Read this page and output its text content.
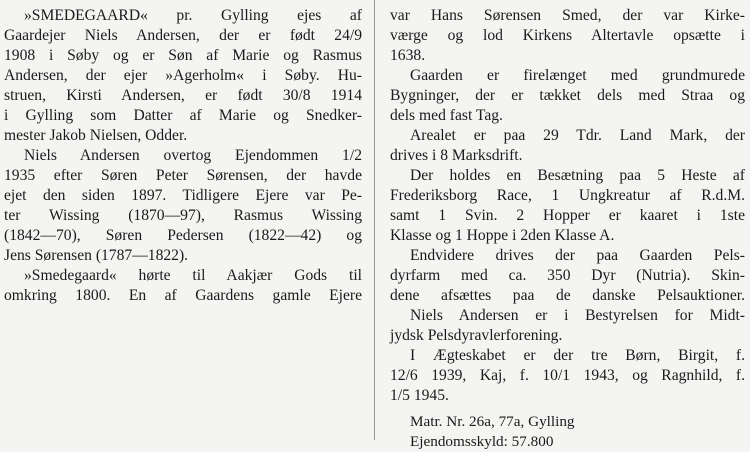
»SMEDEGAARD« pr. Gylling ejes af
Gaardejer Niels Andersen, der er født 24/9
1908 i Søby og er Søn af Marie og Rasmus
Andersen, der ejer »Agerholm« i Søby. Hu-
struen, Kirsti Andersen, er født 30/8 1914
i Gylling som Datter af Marie og Snedker-
mester Jakob Nielsen, Odder.
Niels Andersen overtog Ejendommen 1/2
1935 efter Søren Peter Sørensen, der havde
ejet den siden 1897. Tidligere Ejere var Pe-
ter Wissing (1870—97), Rasmus Wissing
(1842—70), Søren Pedersen (1822—42) og
Jens Sørensen (1787—1822).
»Smedegaard« hørte til Aakjær Gods til
omkring 1800. En af Gaardens gamle Ejere
var Hans Sørensen Smed, der var Kirke-
værge og lod Kirkens Altertavle opsætte i
1638.
Gaarden er firelænget med grundmurede
Bygninger, der er tækket dels med Straa og
dels med fast Tag.
Arealet er paa 29 Tdr. Land Mark, der
drives i 8 Marksdrift.
Der holdes en Besætning paa 5 Heste af
Frederiksborg Race, 1 Ungkreatur af R.d.M.
samt 1 Svin. 2 Hopper er kaaret i 1ste
Klasse og 1 Hoppe i 2den Klasse A.
Endvidere drives der paa Gaarden Pels-
dyrfarm med ca. 350 Dyr (Nutria). Skin-
dene afsættes paa de danske Pelsauktioner.
Niels Andersen er i Bestyrelsen for Midt-
jydsk Pelsdyravlerforening.
I Ægteskabet er der tre Børn, Birgit, f.
12/6 1939, Kaj, f. 10/1 1943, og Ragnhild, f.
1/5 1945.
Matr. Nr. 26a, 77a, Gylling
Ejendomsskyld: 57.800
